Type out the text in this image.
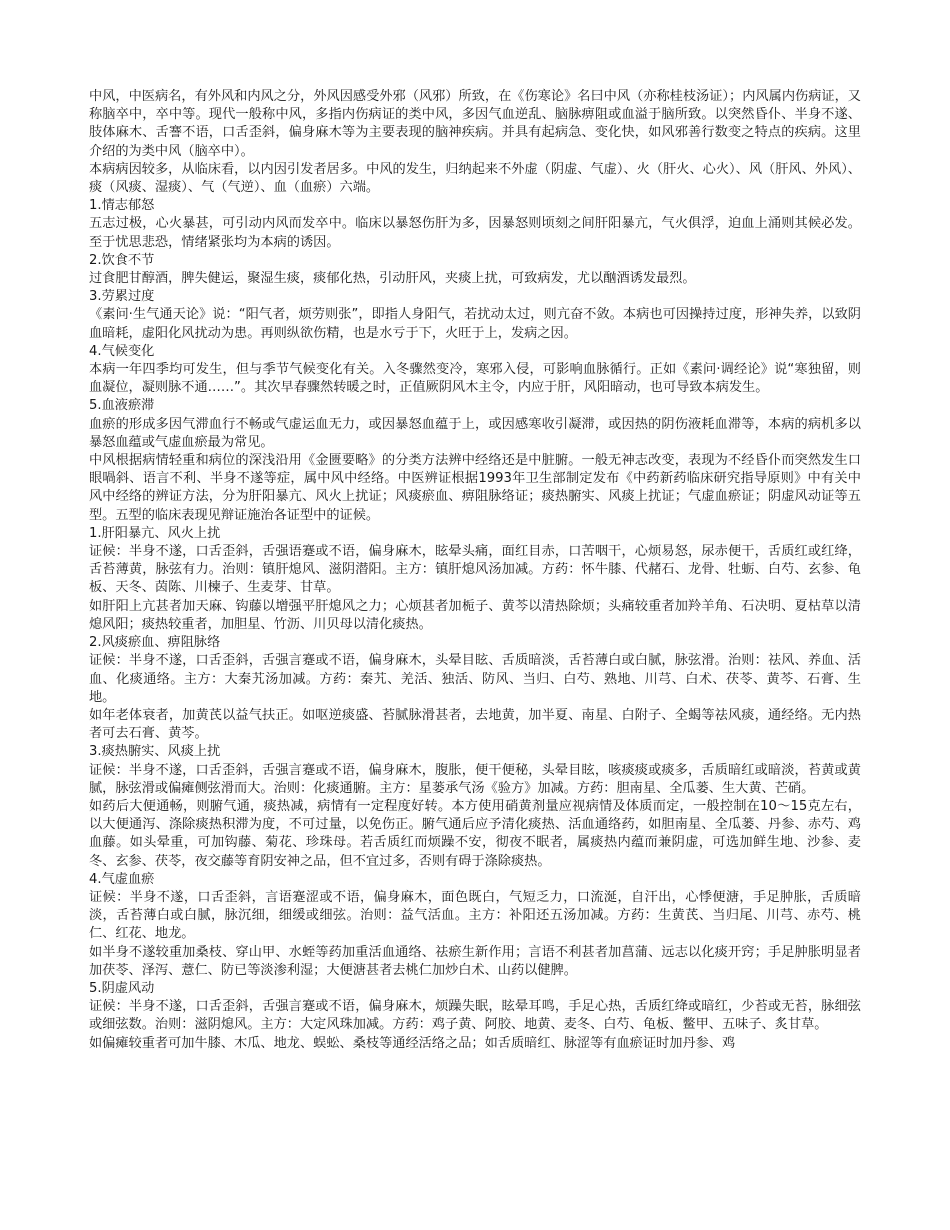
中风，中医病名，有外风和内风之分，外风因感受外邪（风邪）所致，在《伤寒论》名曰中风（亦称桂枝汤证）；内风属内伤病证，又称脑卒中，卒中等。现代一般称中风，多指内伤病证的类中风，多因气血逆乱、脑脉痹阻或血溢于脑所致。以突然昏仆、半身不遂、肢体麻木、舌謇不语，口舌歪斜，偏身麻木等为主要表现的脑神疾病。并具有起病急、变化快，如风邪善行数变之特点的疾病。这里介绍的为类中风（脑卒中）。

本病病因较多，从临床看，以内因引发者居多。中风的发生，归纳起来不外虚（阴虚、气虚）、火（肝火、心火）、风（肝风、外风）、痰（风痰、湿痰）、气（气逆）、血（血瘀）六端。

1.情志郁怒

五志过极，心火暴甚，可引动内风而发卒中。临床以暴怒伤肝为多，因暴怒则顷刻之间肝阳暴亢，气火俱浮，迫血上涌则其候必发。至于忧思悲恐，情绪紧张均为本病的诱因。

2.饮食不节

过食肥甘醇酒，脾失健运，聚湿生痰，痰郁化热，引动肝风，夹痰上扰，可致病发，尤以酗酒诱发最烈。

3.劳累过度

《素问·生气通天论》说：“阳气者，烦劳则张”，即指人身阳气，若扰动太过，则亢奋不敛。本病也可因操持过度，形神失养，以致阴血暗耗，虚阳化风扰动为患。再则纵欲伤精，也是水亏于下，火旺于上，发病之因。

4.气候变化

本病一年四季均可发生，但与季节气候变化有关。入冬骤然变冷，寒邪入侵，可影响血脉循行。正如《素问·调经论》说“寒独留，则血凝位，凝则脉不通……”。其次早春骤然转暖之时，正值厥阴风木主令，内应于肝，风阳暗动，也可导致本病发生。

5.血液瘀滞

血瘀的形成多因气滞血行不畅或气虚运血无力，或因暴怒血蕴于上，或因感寒收引凝滞，或因热的阴伤液耗血滞等，本病的病机多以暴怒血蕴或气虚血瘀最为常见。

中风根据病情轻重和病位的深浅沿用《金匮要略》的分类方法辨中经络还是中脏腑。一般无神志改变，表现为不经昏仆而突然发生口眼喎斜、语言不利、半身不遂等症，属中风中经络。中医辨证根据1993年卫生部制定发布《中药新药临床研究指导原则》中有关中风中经络的辨证方法，分为肝阳暴亢、风火上扰证；风痰瘀血、痹阻脉络证；痰热腑实、风痰上扰证；气虚血瘀证；阴虚风动证等五型。五型的临床表现见辩证施治各证型中的证候。

1.肝阳暴亢、风火上扰

证候：半身不遂，口舌歪斜，舌强语蹇或不语，偏身麻木，眩晕头痛，面红目赤，口苦咽干，心烦易怒，尿赤便干，舌质红或红绛，舌苔薄黄，脉弦有力。治则：镇肝熄风、滋阴潜阳。主方：镇肝熄风汤加减。方药：怀牛膝、代赭石、龙骨、牡蛎、白芍、玄参、龟板、天冬、茵陈、川楝子、生麦芽、甘草。

如肝阳上亢甚者加天麻、钩藤以增强平肝熄风之力；心烦甚者加栀子、黄芩以清热除烦；头痛较重者加羚羊角、石决明、夏枯草以清熄风阳；痰热较重者，加胆星、竹沥、川贝母以清化痰热。

2.风痰瘀血、痹阻脉络

证候：半身不遂，口舌歪斜，舌强言蹇或不语，偏身麻木，头晕目眩、舌质暗淡，舌苔薄白或白腻，脉弦滑。治则：祛风、养血、活血、化痰通络。主方：大秦艽汤加减。方药：秦艽、羌活、独活、防风、当归、白芍、熟地、川芎、白术、茯苓、黄芩、石膏、生地。

如年老体衰者，加黄芪以益气扶正。如呕逆痰盛、苔腻脉滑甚者，去地黄，加半夏、南星、白附子、全蝎等祛风痰，通经络。无内热者可去石膏、黄芩。

3.痰热腑实、风痰上扰

证候：半身不遂，口舌歪斜，舌强言蹇或不语，偏身麻木，腹胀，便干便秘，头晕目眩，咳痰痰或痰多，舌质暗红或暗淡，苔黄或黄腻，脉弦滑或偏瘫侧弦滑而大。治则：化痰通腑。主方：星蒌承气汤《验方》加减。方药：胆南星、全瓜蒌、生大黄、芒硝。

如药后大便通畅，则腑气通，痰热减，病情有一定程度好转。本方使用硝黄剂量应视病情及体质而定，一般控制在10～15克左右，以大便通泻、涤除痰热积滞为度，不可过量，以免伤正。腑气通后应予清化痰热、活血通络药，如胆南星、全瓜蒌、丹参、赤芍、鸡血藤。如头晕重，可加钩藤、菊花、珍珠母。若舌质红而烦躁不安，彻夜不眠者，属痰热内蕴而兼阴虚，可选加鲜生地、沙参、麦冬、玄参、茯苓，夜交藤等育阴安神之品，但不宜过多，否则有碍于涤除痰热。

4.气虚血瘀

证候：半身不遂，口舌歪斜，言语蹇涩或不语，偏身麻木，面色既白，气短乏力，口流涎，自汗出，心悸便溏，手足肿胀，舌质暗淡，舌苔薄白或白腻，脉沉细，细缓或细弦。治则：益气活血。主方：补阳还五汤加减。方药：生黄芪、当归尾、川芎、赤芍、桃仁、红花、地龙。

如半身不遂较重加桑枝、穿山甲、水蛭等药加重活血通络、祛瘀生新作用；言语不利甚者加菖蒲、远志以化痰开窍；手足肿胀明显者加茯苓、泽泻、薏仁、防已等淡渗利湿；大便溏甚者去桃仁加炒白术、山药以健脾。

5.阴虚风动

证候：半身不遂，口舌歪斜，舌强言蹇或不语，偏身麻木，烦躁失眠，眩晕耳鸣，手足心热，舌质红绛或暗红，少苔或无苔，脉细弦或细弦数。治则：滋阴熄风。主方：大定风珠加减。方药：鸡子黄、阿胶、地黄、麦冬、白芍、龟板、鳖甲、五味子、炙甘草。

如偏瘫较重者可加牛膝、木瓜、地龙、蜈蚣、桑枝等通经活络之品；如舌质暗红、脉涩等有血瘀证时加丹参、鸡
